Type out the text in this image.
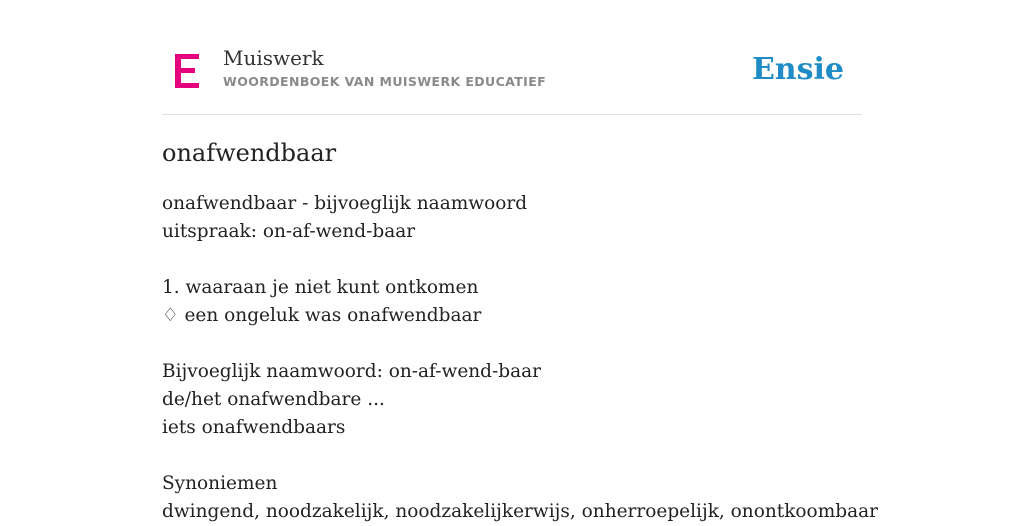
Muiswerk
WOORDENBOEK VAN MUISWERK EDUCATIEF	Ensie
onafwendbaar
onafwendbaar - bijvoeglijk naamwoord
uitspraak: on-af-wend-baar
1. waaraan je niet kunt ontkomen
♢ een ongeluk was onafwendbaar
Bijvoeglijk naamwoord: on-af-wend-baar
de/het onafwendbare ...
iets onafwendbaars
Synoniemen
dwingend, noodzakelijk, noodzakelijkerwijs, onherroepelijk, onontkoombaar
